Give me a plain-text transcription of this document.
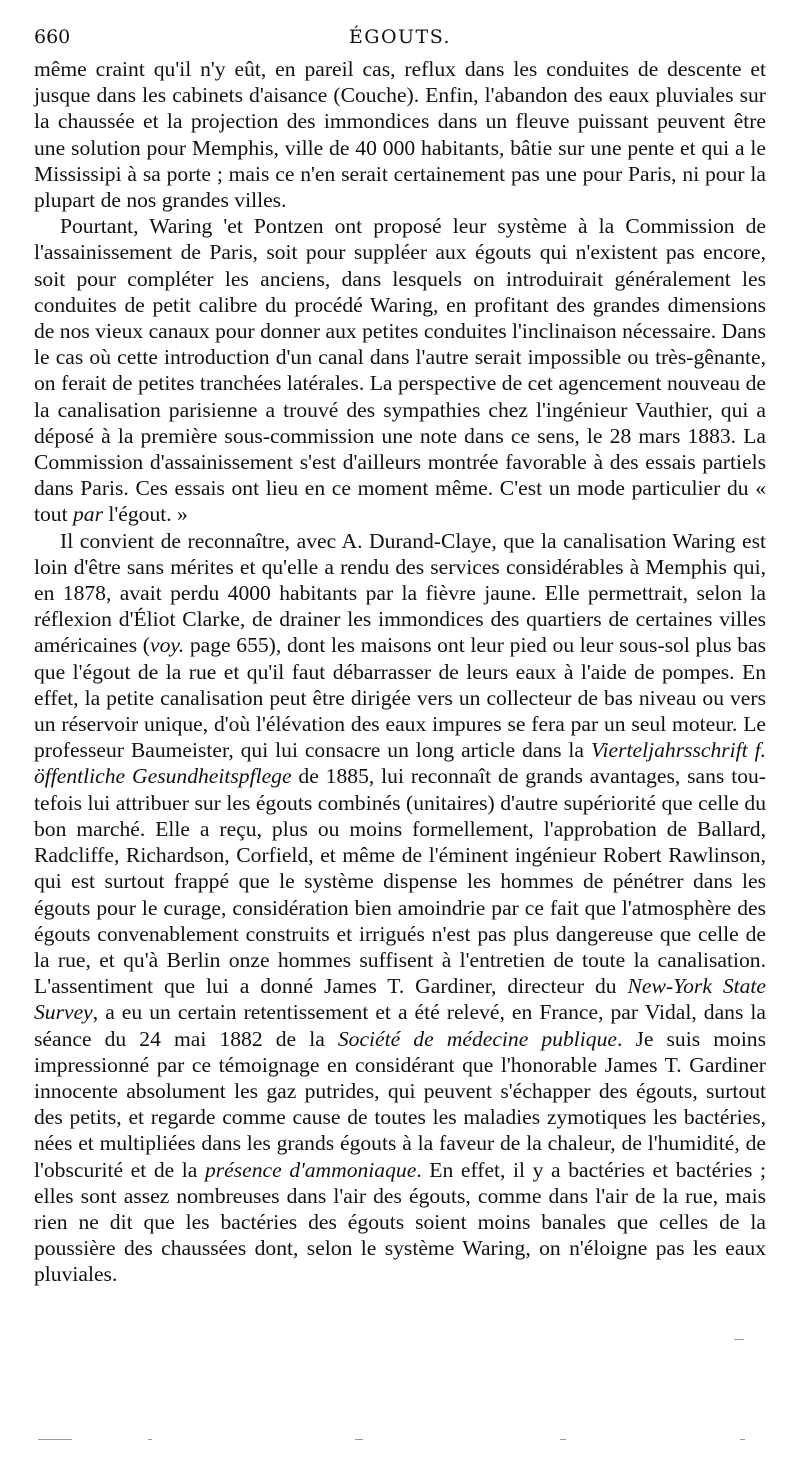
660	ÉGOUTS.

même craint qu'il n'y eût, en pareil cas, reflux dans les conduites de descente et jusque dans les cabinets d'aisance (Couche). Enfin, l'abandon des eaux pluviales sur la chaussée et la projection des immondices dans un fleuve puissant peuvent être une solution pour Memphis, ville de 40 000 habitants, bâtie sur une pente et qui a le Mississipi à sa porte ; mais ce n'en serait certainement pas une pour Paris, ni pour la plupart de nos grandes villes.

Pourtant, Waring 'et Pontzen ont proposé leur système à la Commission de l'assainissement de Paris, soit pour suppléer aux égouts qui n'existent pas encore, soit pour compléter les anciens, dans lesquels on introduirait généralement les conduites de petit calibre du procédé Waring, en profitant des grandes dimensions de nos vieux canaux pour donner aux petites conduites l'inclinaison nécessaire. Dans le cas où cette introduction d'un canal dans l'autre serait impossible ou très-gênante, on ferait de petites tranchées latérales. La perspective de cet agencement nouveau de la canalisation parisienne a trouvé des sympathies chez l'ingénieur Vauthier, qui a déposé à la première sous-commission une note dans ce sens, le 28 mars 1883. La Commission d'assainissement s'est d'ailleurs montrée favorable à des essais partiels dans Paris. Ces essais ont lieu en ce moment même. C'est un mode particulier du « tout par l'égout. »

Il convient de reconnaître, avec A. Durand-Claye, que la canalisation Waring est loin d'être sans mérites et qu'elle a rendu des services considérables à Memphis qui, en 1878, avait perdu 4000 habitants par la fièvre jaune. Elle permettrait, selon la réflexion d'Éliot Clarke, de drainer les immondices des quartiers de certaines villes américaines (voy. page 655), dont les maisons ont leur pied ou leur sous-sol plus bas que l'égout de la rue et qu'il faut débarrasser de leurs eaux à l'aide de pompes. En effet, la petite canalisation peut être dirigée vers un collecteur de bas niveau ou vers un réservoir unique, d'où l'élévation des eaux impures se fera par un seul moteur. Le professeur Baumeister, qui lui consacre un long article dans la Vierteljahrsschrift f. öffentliche Gesundheitspflege de 1885, lui reconnaît de grands avantages, sans toutefois lui attribuer sur les égouts combinés (unitaires) d'autre supériorité que celle du bon marché. Elle a reçu, plus ou moins formellement, l'approbation de Ballard, Radcliffe, Richardson, Corfield, et même de l'éminent ingénieur Robert Rawlinson, qui est surtout frappé que le système dispense les hommes de pénétrer dans les égouts pour le curage, considération bien amoindrie par ce fait que l'atmosphère des égouts convenablement construits et irrigués n'est pas plus dangereuse que celle de la rue, et qu'à Berlin onze hommes suffisent à l'entretien de toute la canalisation. L'assentiment que lui a donné James T. Gardiner, directeur du New-York State Survey, a eu un certain retentissement et a été relevé, en France, par Vidal, dans la séance du 24 mai 1882 de la Société de médecine publique. Je suis moins impressionné par ce témoignage en considérant que l'honorable James T. Gardiner innocente absolument les gaz putrides, qui peuvent s'échapper des égouts, surtout des petits, et regarde comme cause de toutes les maladies zymotiques les bactéries, nées et multipliées dans les grands égouts à la faveur de la chaleur, de l'humidité, de l'obscurité et de la présence d'ammoniaque. En effet, il y a bactéries et bactéries ; elles sont assez nombreuses dans l'air des égouts, comme dans l'air de la rue, mais rien ne dit que les bactéries des égouts soient moins banales que celles de la poussière des chaussées dont, selon le système Waring, on n'éloigne pas les eaux pluviales.
